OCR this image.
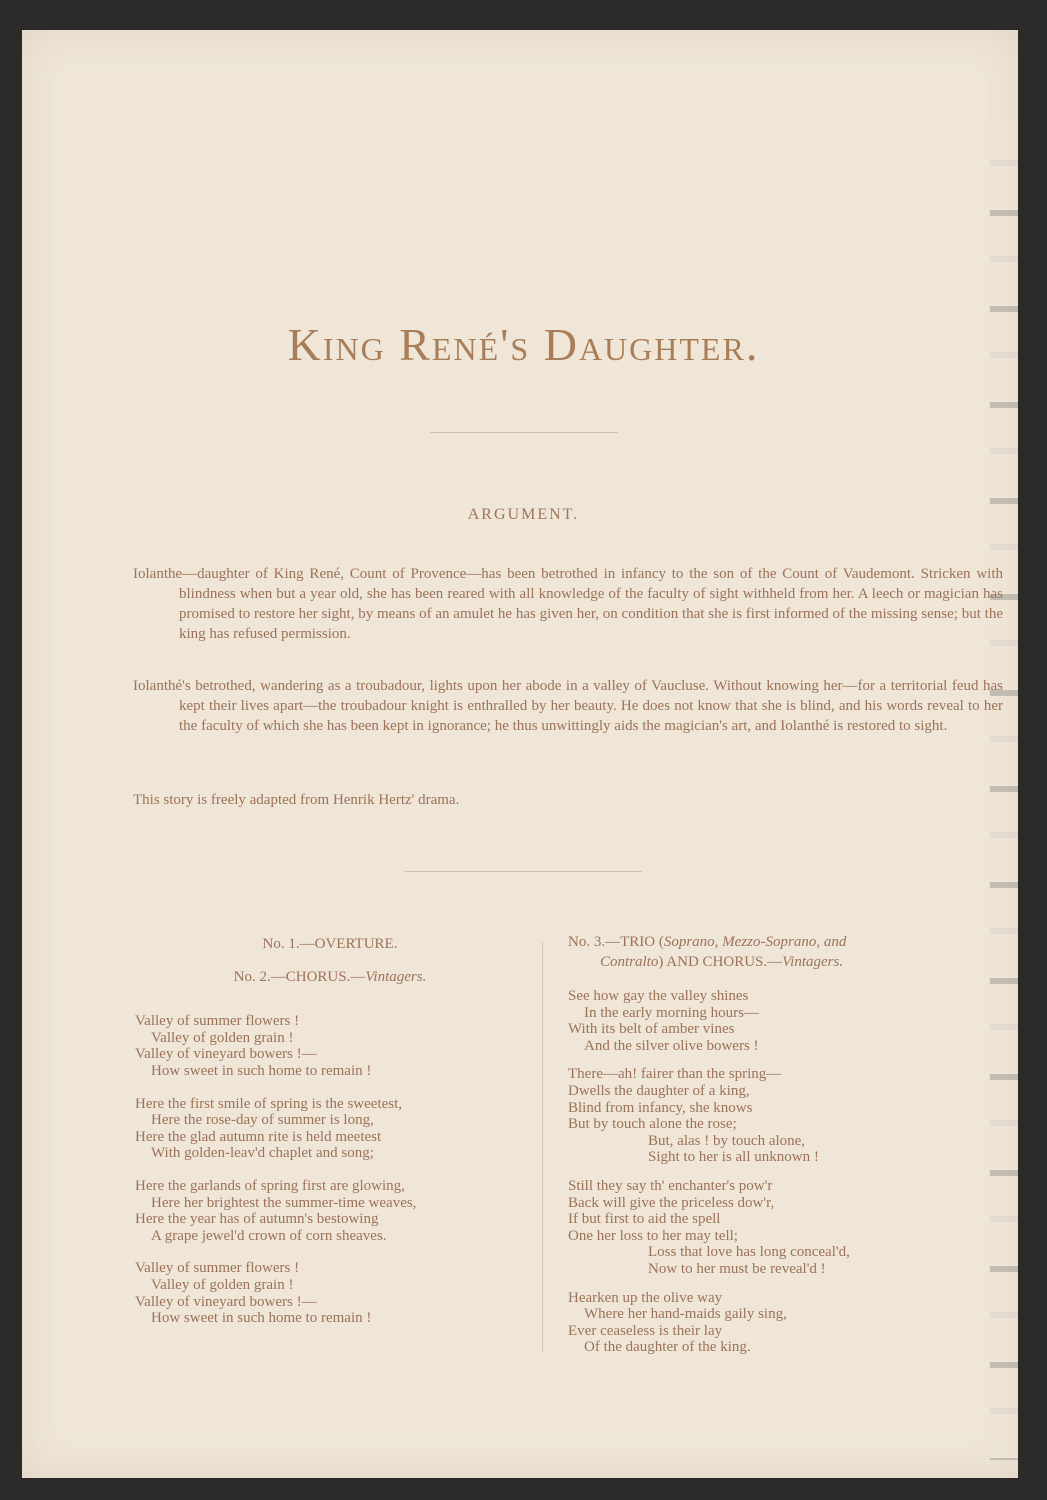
King René's Daughter.
ARGUMENT.
Iolanthe—daughter of King René, Count of Provence—has been betrothed in infancy to the son of the Count of Vaudemont. Stricken with blindness when but a year old, she has been reared with all knowledge of the faculty of sight withheld from her. A leech or magician has promised to restore her sight, by means of an amulet he has given her, on condition that she is first informed of the missing sense; but the king has refused permission.
Iolanthé's betrothed, wandering as a troubadour, lights upon her abode in a valley of Vaucluse. Without knowing her—for a territorial feud has kept their lives apart—the troubadour knight is enthralled by her beauty. He does not know that she is blind, and his words reveal to her the faculty of which she has been kept in ignorance; he thus unwittingly aids the magician's art, and Iolanthé is restored to sight.
This story is freely adapted from Henrik Hertz' drama.

No. 1.—OVERTURE.

No. 2.—CHORUS.—Vintagers.

Valley of summer flowers !
Valley of golden grain !
Valley of vineyard bowers !—
How sweet in such home to remain !
Here the first smile of spring is the sweetest,
Here the rose-day of summer is long,
Here the glad autumn rite is held meetest
With golden-leav'd chaplet and song;
Here the garlands of spring first are glowing,
Here her brightest the summer-time weaves,
Here the year has of autumn's bestowing
A grape jewel'd crown of corn sheaves.
Valley of summer flowers !
Valley of golden grain !
Valley of vineyard bowers !—
How sweet in such home to remain !
No. 3.—TRIO (Soprano, Mezzo-Soprano, and
Contralto) AND CHORUS.—Vintagers.
See how gay the valley shines
In the early morning hours—
With its belt of amber vines
And the silver olive bowers !
There—ah! fairer than the spring—
Dwells the daughter of a king,
Blind from infancy, she knows
But by touch alone the rose;
But, alas ! by touch alone,
Sight to her is all unknown !
Still they say th' enchanter's pow'r
Back will give the priceless dow'r,
If but first to aid the spell
One her loss to her may tell;
Loss that love has long conceal'd,
Now to her must be reveal'd !
Hearken up the olive way
Where her hand-maids gaily sing,
Ever ceaseless is their lay
Of the daughter of the king.
